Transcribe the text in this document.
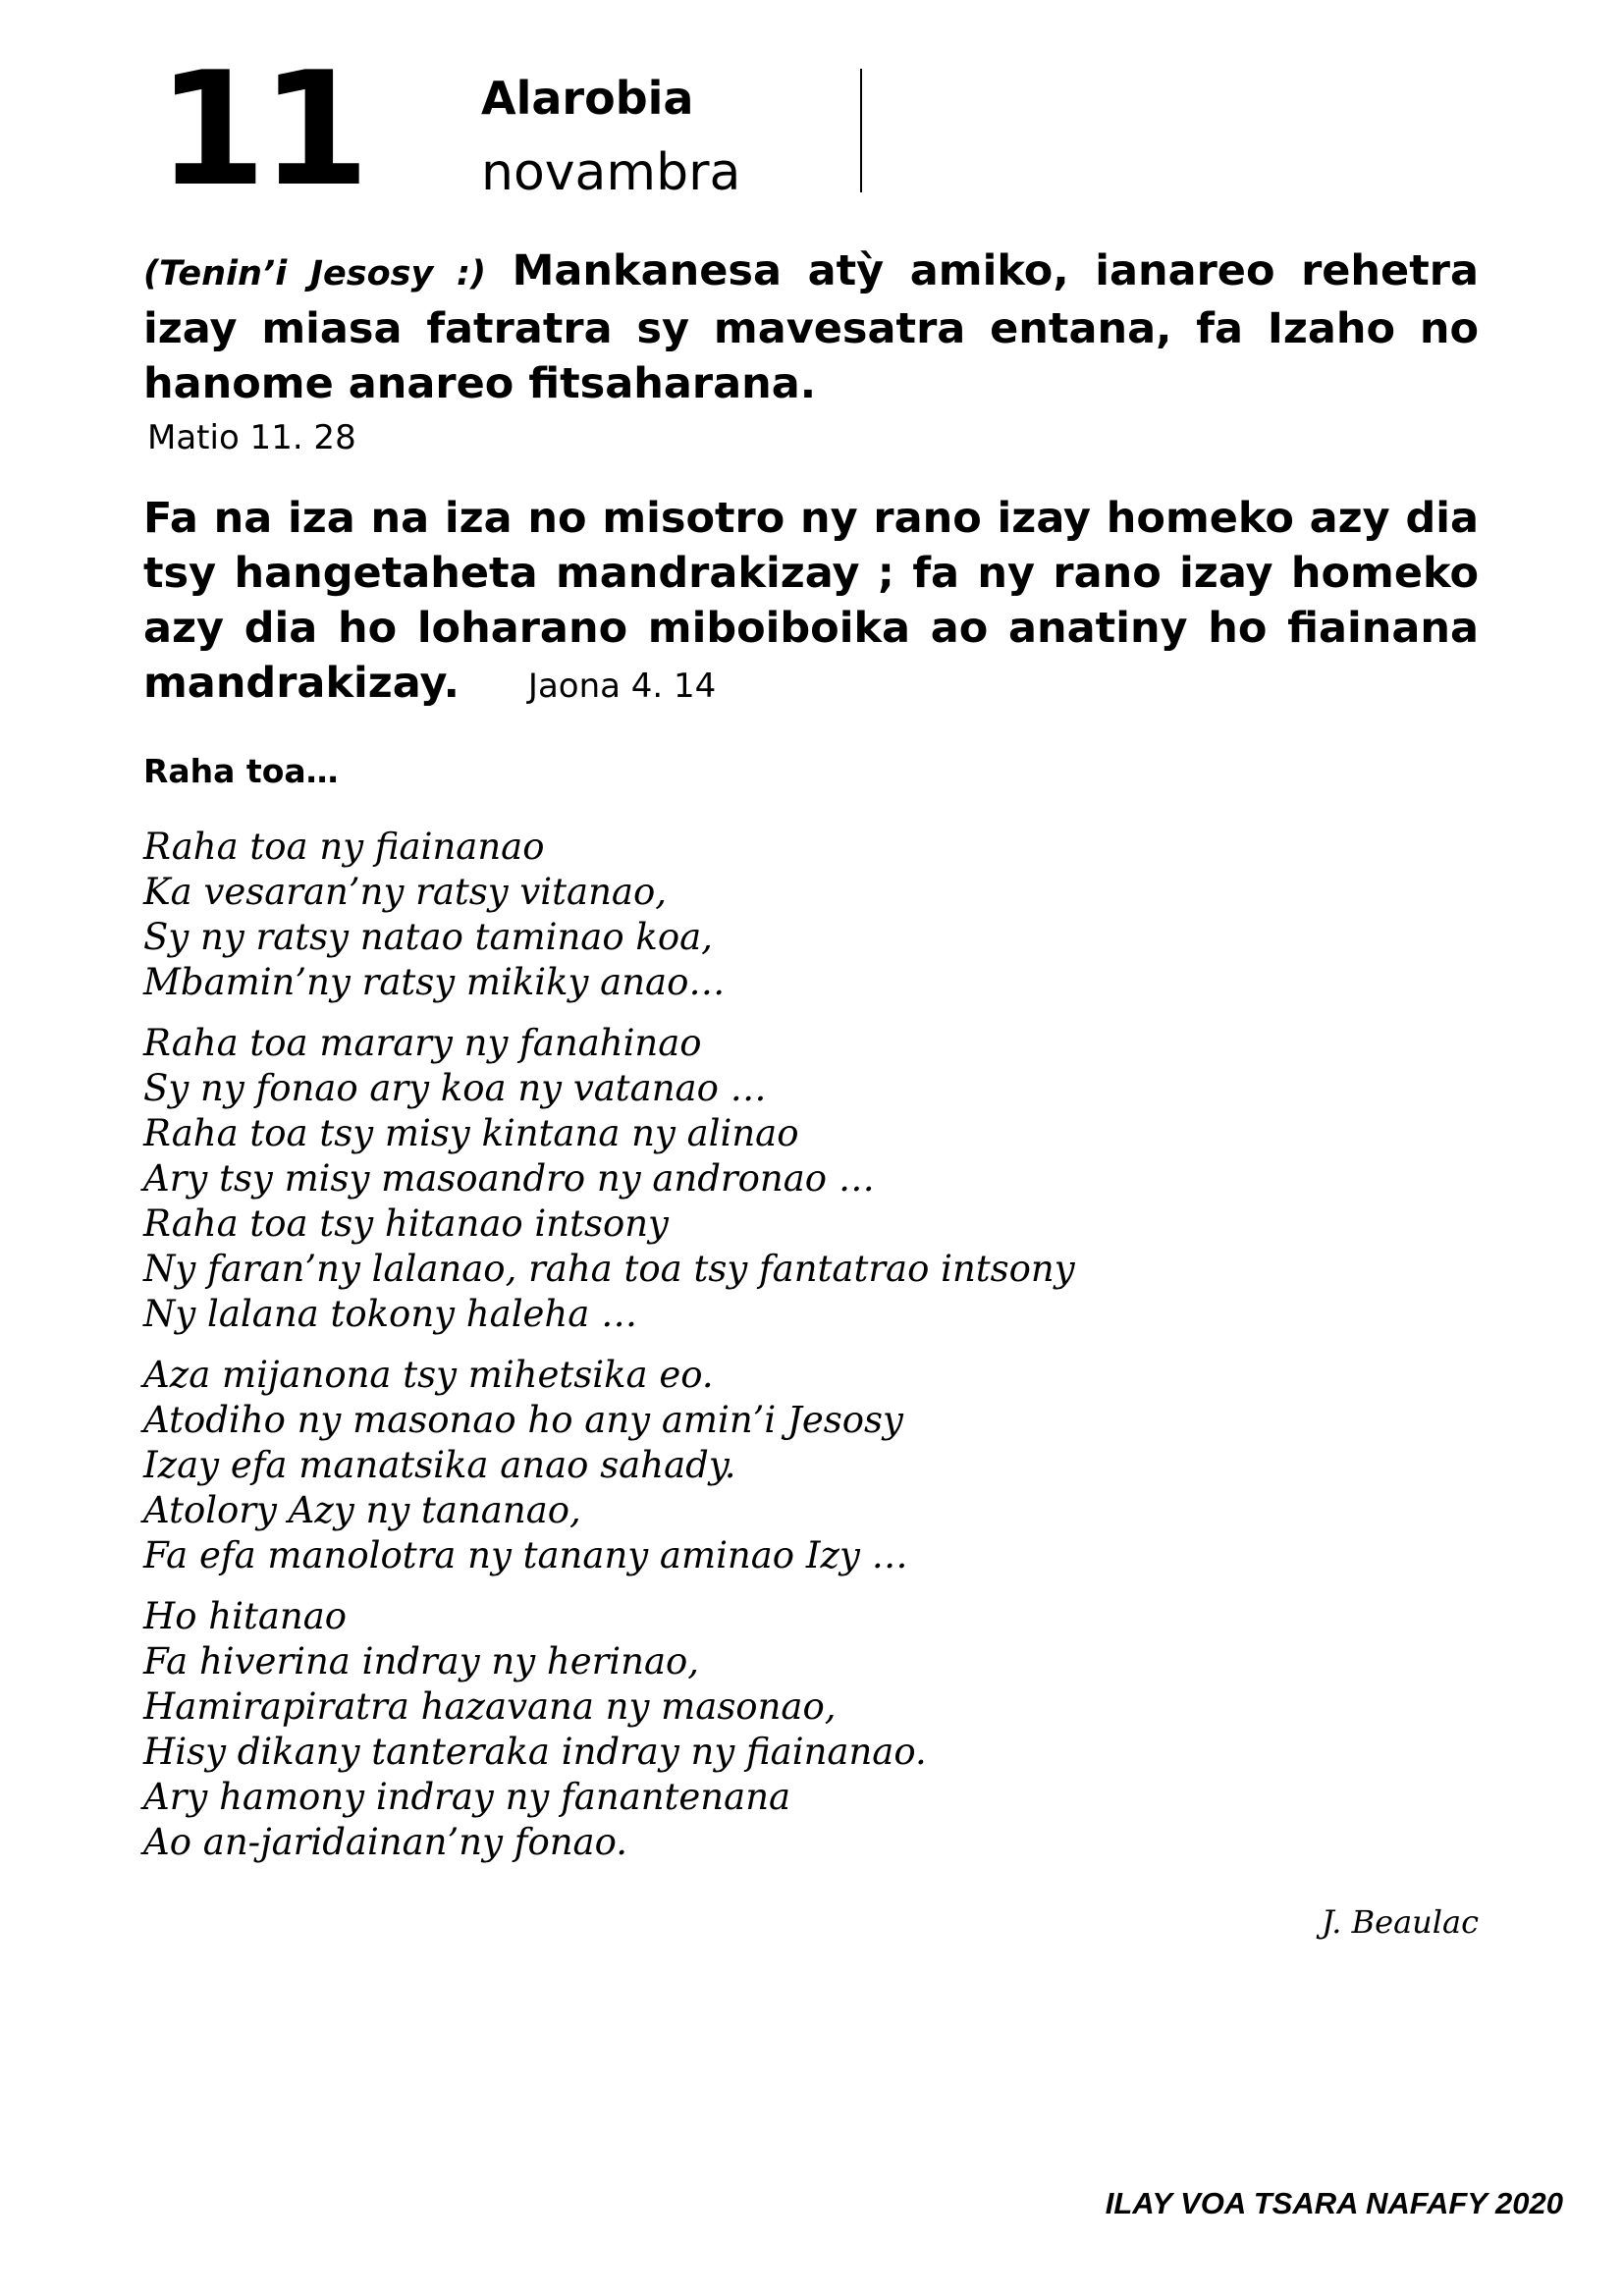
11	Alarobia
novambra

(Tenin’i Jesosy :) Mankanesa atỳ amiko, ianareo rehetra izay miasa fatratra sy mavesatra entana, fa Izaho no hanome anareo fitsaharana.

Matio 11. 28

Fa na iza na iza no misotro ny rano izay homeko azy dia tsy hangetaheta mandrakizay ; fa ny rano izay homeko azy dia ho loharano miboiboika ao anatiny ho fiainana mandrakizay. Jaona 4. 14

Raha toa…
Raha toa ny fiainanao
Ka vesaran’ny ratsy vitanao,
Sy ny ratsy natao taminao koa,
Mbamin’ny ratsy mikiky anao…
Raha toa marary ny fanahinao
Sy ny fonao ary koa ny vatanao …
Raha toa tsy misy kintana ny alinao
Ary tsy misy masoandro ny andronao …
Raha toa tsy hitanao intsony
Ny faran’ny lalanao, raha toa tsy fantatrao intsony
Ny lalana tokony haleha …
Aza mijanona tsy mihetsika eo.
Atodiho ny masonao ho any amin’i Jesosy
Izay efa manatsika anao sahady.
Atolory Azy ny tananao,
Fa efa manolotra ny tanany aminao Izy …
Ho hitanao
Fa hiverina indray ny herinao,
Hamirapiratra hazavana ny masonao,
Hisy dikany tanteraka indray ny fiainanao.
Ary hamony indray ny fanantenana
Ao an-jaridainan’ny fonao.
J. Beaulac
ILAY VOA TSARA NAFAFY 2020
